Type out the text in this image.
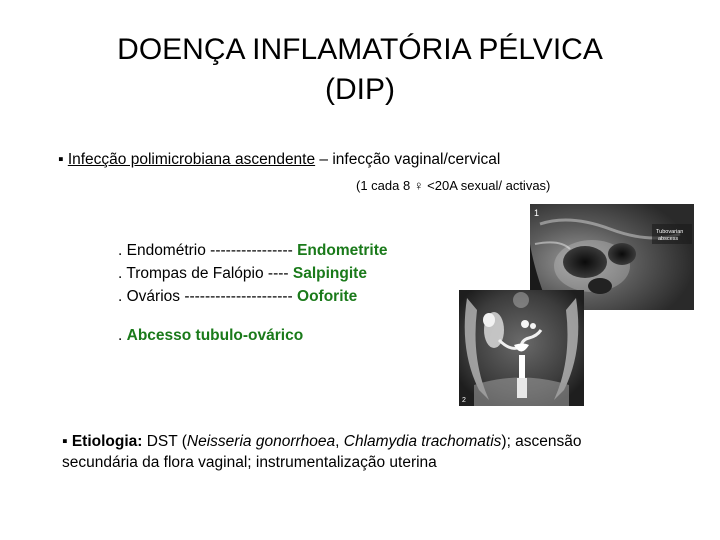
DOENÇA INFLAMATÓRIA PÉLVICA
(DIP)
▪ Infecção polimicrobiana ascendente – infecção vaginal/cervical
(1 cada 8 ♀ <20A sexual/ activas)
. Endométrio ---------------- Endometrite
. Trompas de Falópio ---- Salpingite
. Ovários --------------------- Ooforite
. Abcesso tubulo-ovárico
1
Tubovarian
abscess
2
▪ Etiologia: DST (Neisseria gonorrhoea, Chlamydia trachomatis); ascensão secundária da flora vaginal; instrumentalização uterina
